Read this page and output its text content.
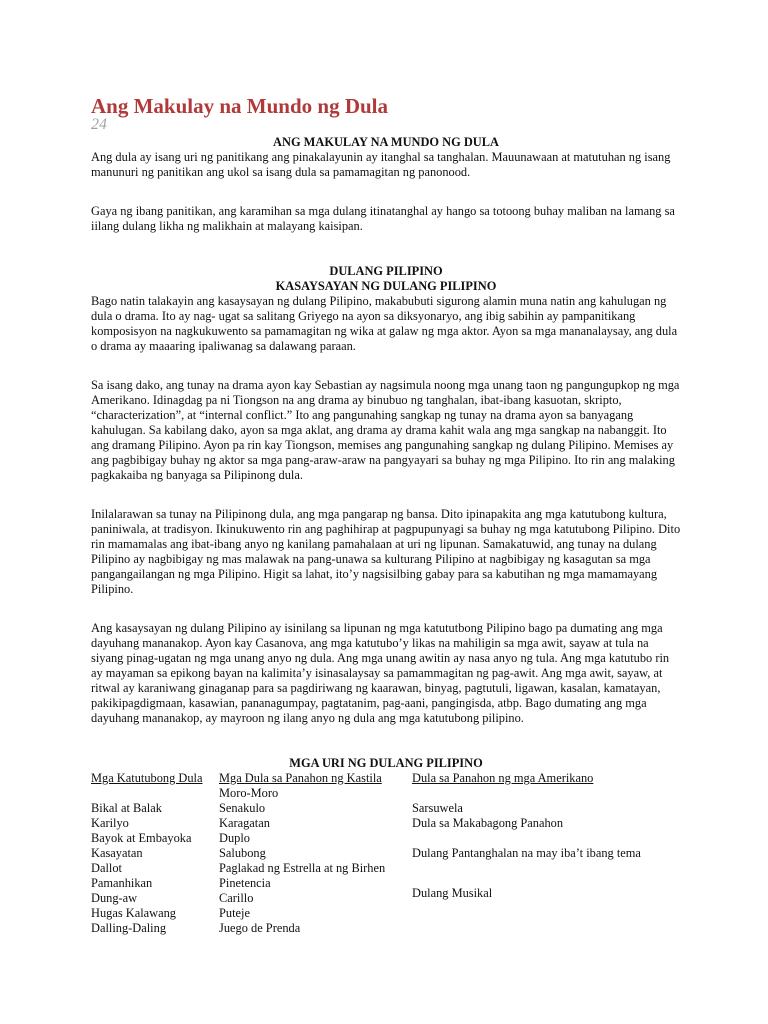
Ang Makulay na Mundo ng Dula
24

ANG MAKULAY NA MUNDO NG DULA

Ang dula ay isang uri ng panitikang ang pinakalayunin ay itanghal sa tanghalan. Mauunawaan at matutuhan ng isang manunuri ng panitikan ang ukol sa isang dula sa pamamagitan ng panonood.

Gaya ng ibang panitikan, ang karamihan sa mga dulang itinatanghal ay hango sa totoong buhay maliban na lamang sa iilang dulang likha ng malikhain at malayang kaisipan.

DULANG PILIPINO

KASAYSAYAN NG DULANG PILIPINO

Bago natin talakayin ang kasaysayan ng dulang Pilipino, makabubuti sigurong alamin muna natin ang kahulugan ng dula o drama. Ito ay nag- ugat sa salitang Griyego na ayon sa diksyonaryo, ang ibig sabihin ay pampanitikang komposisyon na nagkukuwento sa pamamagitan ng wika at galaw ng mga aktor. Ayon sa mga mananalaysay, ang dula o drama ay maaaring ipaliwanag sa dalawang paraan.

Sa isang dako, ang tunay na drama ayon kay Sebastian ay nagsimula noong mga unang taon ng pangungupkop ng mga Amerikano. Idinagdag pa ni Tiongson na ang drama ay binubuo ng tanghalan, ibat-ibang kasuotan, skripto, “characterization”, at “internal conflict.” Ito ang pangunahing sangkap ng tunay na drama ayon sa banyagang kahulugan. Sa kabilang dako, ayon sa mga aklat, ang drama ay drama kahit wala ang mga sangkap na nabanggit. Ito ang dramang Pilipino. Ayon pa rin kay Tiongson, memises ang pangunahing sangkap ng dulang Pilipino. Memises ay ang pagbibigay buhay ng aktor sa mga pang-araw-araw na pangyayari sa buhay ng mga Pilipino. Ito rin ang malaking pagkakaiba ng banyaga sa Pilipinong dula.

Inilalarawan sa tunay na Pilipinong dula, ang mga pangarap ng bansa. Dito ipinapakita ang mga katutubong kultura, paniniwala, at tradisyon. Ikinukuwento rin ang paghihirap at pagpupunyagi sa buhay ng mga katutubong Pilipino. Dito rin mamamalas ang ibat-ibang anyo ng kanilang pamahalaan at uri ng lipunan. Samakatuwid, ang tunay na dulang Pilipino ay nagbibigay ng mas malawak na pang-unawa sa kulturang Pilipino at nagbibigay ng kasagutan sa mga pangangailangan ng mga Pilipino. Higit sa lahat, ito’y nagsisilbing gabay para sa kabutihan ng mga mamamayang Pilipino.

Ang kasaysayan ng dulang Pilipino ay isinilang sa lipunan ng mga katututbong Pilipino bago pa dumating ang mga dayuhang mananakop. Ayon kay Casanova, ang mga katutubo’y likas na mahiligin sa mga awit, sayaw at tula na siyang pinag-ugatan ng mga unang anyo ng dula. Ang mga unang awitin ay nasa anyo ng tula. Ang mga katutubo rin ay mayaman sa epikong bayan na kalimita’y isinasalaysay sa pamammagitan ng pag-awit. Ang mga awit, sayaw, at ritwal ay karaniwang ginaganap para sa pagdiriwang ng kaarawan, binyag, pagtutuli, ligawan, kasalan, kamatayan, pakikipagdigmaan, kasawian, pananagumpay, pagtatanim, pag-aani, pangingisda, atbp. Bago dumating ang mga dayuhang mananakop, ay mayroon ng ilang anyo ng dula ang mga katutubong pilipino.

MGA URI NG DULANG PILIPINO

Mga Katutubong Dula
Bikal at Balak
Karilyo
Bayok at Embayoka
Kasayatan
Dallot
Pamanhikan
Dung-aw
Hugas Kalawang
Dalling-Daling
Mga Dula sa Panahon ng Kastila
Moro-Moro
Senakulo
Karagatan
Duplo
Salubong
Paglakad ng Estrella at ng Birhen
Pinetencia
Carillo
Puteje
Juego de Prenda
Dula sa Panahon ng mga Amerikano
Sarsuwela
Dula sa Makabagong Panahon
Dulang Pantanghalan na may iba’t ibang tema
Dulang Musikal
